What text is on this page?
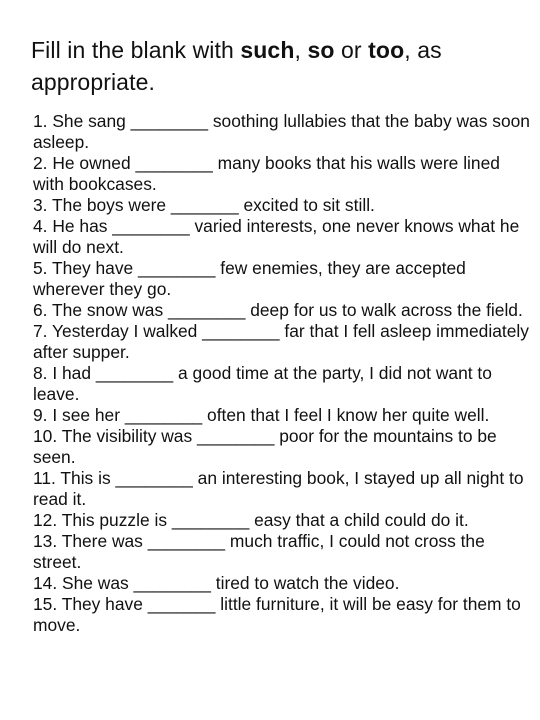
Fill in the blank with such, so or too, as appropriate.
1. She sang ________ soothing lullabies that the baby was soon asleep.
2. He owned ________ many books that his walls were lined with bookcases.
3. The boys were _______ excited to sit still.
4. He has ________ varied interests, one never knows what he will do next.
5. They have ________ few enemies, they are accepted wherever they go.
6. The snow was ________ deep for us to walk across the field.
7. Yesterday I walked ________ far that I fell asleep immediately after supper.
8. I had ________ a good time at the party, I did not want to leave.
9. I see her ________ often that I feel I know her quite well.
10. The visibility was ________ poor for the mountains to be seen.
11. This is ________ an interesting book, I stayed up all night to read it.
12. This puzzle is ________ easy that a child could do it.
13. There was ________ much traffic, I could not cross the street.
14. She was ________ tired to watch the video.
15. They have _______ little furniture, it will be easy for them to move.
